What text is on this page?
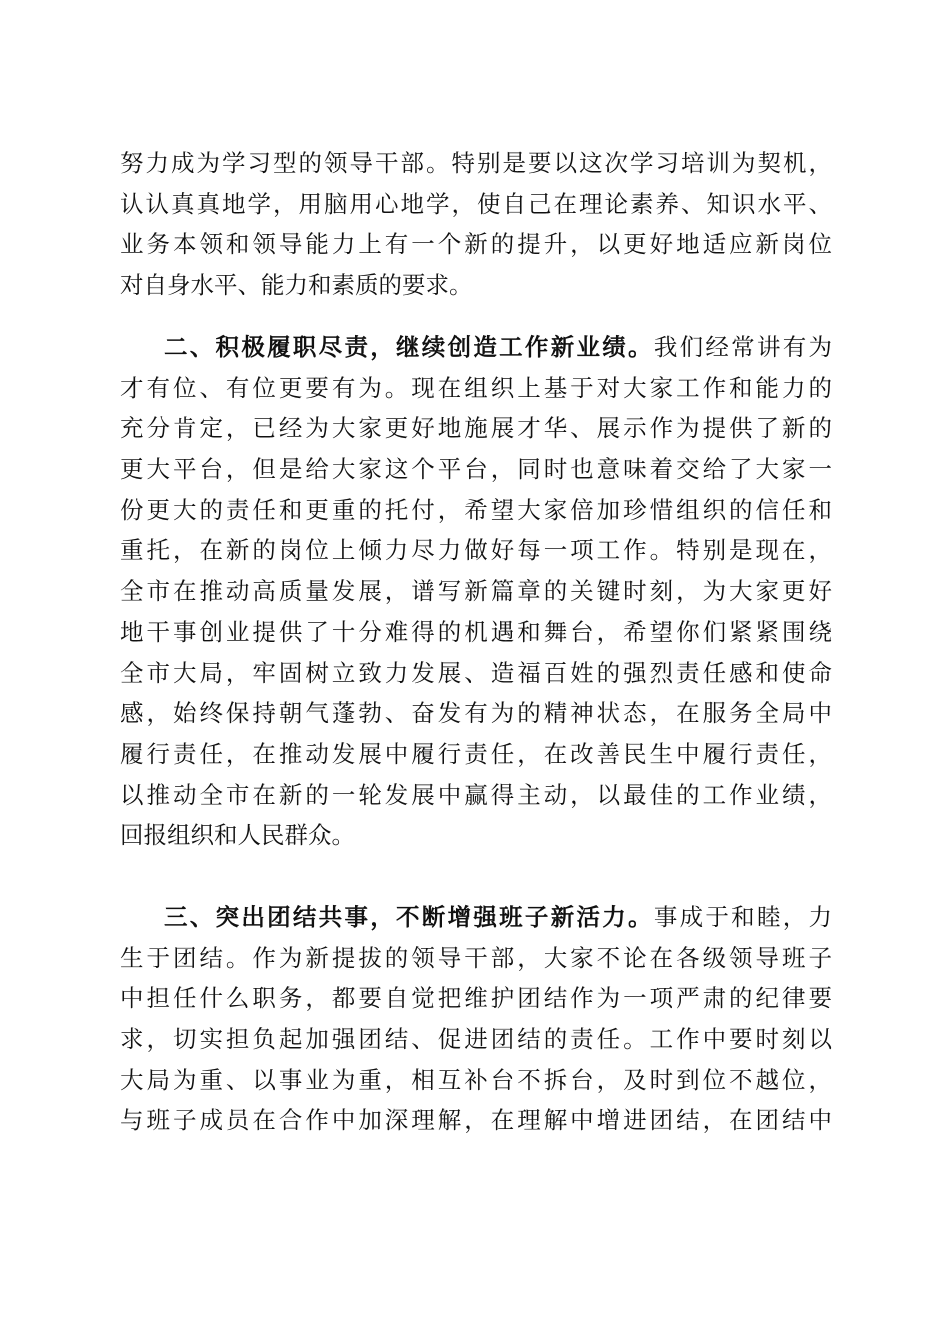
努力成为学习型的领导干部。特别是要以这次学习培训为契机，
认认真真地学，用脑用心地学，使自己在理论素养、知识水平、
业务本领和领导能力上有一个新的提升，以更好地适应新岗位
对自身水平、能力和素质的要求。
二、积极履职尽责，继续创造工作新业绩。我们经常讲有为
才有位、有位更要有为。现在组织上基于对大家工作和能力的
充分肯定，已经为大家更好地施展才华、展示作为提供了新的
更大平台，但是给大家这个平台，同时也意味着交给了大家一
份更大的责任和更重的托付，希望大家倍加珍惜组织的信任和
重托，在新的岗位上倾力尽力做好每一项工作。特别是现在，
全市在推动高质量发展，谱写新篇章的关键时刻，为大家更好
地干事创业提供了十分难得的机遇和舞台，希望你们紧紧围绕
全市大局，牢固树立致力发展、造福百姓的强烈责任感和使命
感，始终保持朝气蓬勃、奋发有为的精神状态，在服务全局中
履行责任，在推动发展中履行责任，在改善民生中履行责任，
以推动全市在新的一轮发展中赢得主动，以最佳的工作业绩，
回报组织和人民群众。
三、突出团结共事，不断增强班子新活力。事成于和睦，力
生于团结。作为新提拔的领导干部，大家不论在各级领导班子
中担任什么职务，都要自觉把维护团结作为一项严肃的纪律要
求，切实担负起加强团结、促进团结的责任。工作中要时刻以
大局为重、以事业为重，相互补台不拆台，及时到位不越位，
与班子成员在合作中加深理解，在理解中增进团结，在团结中
